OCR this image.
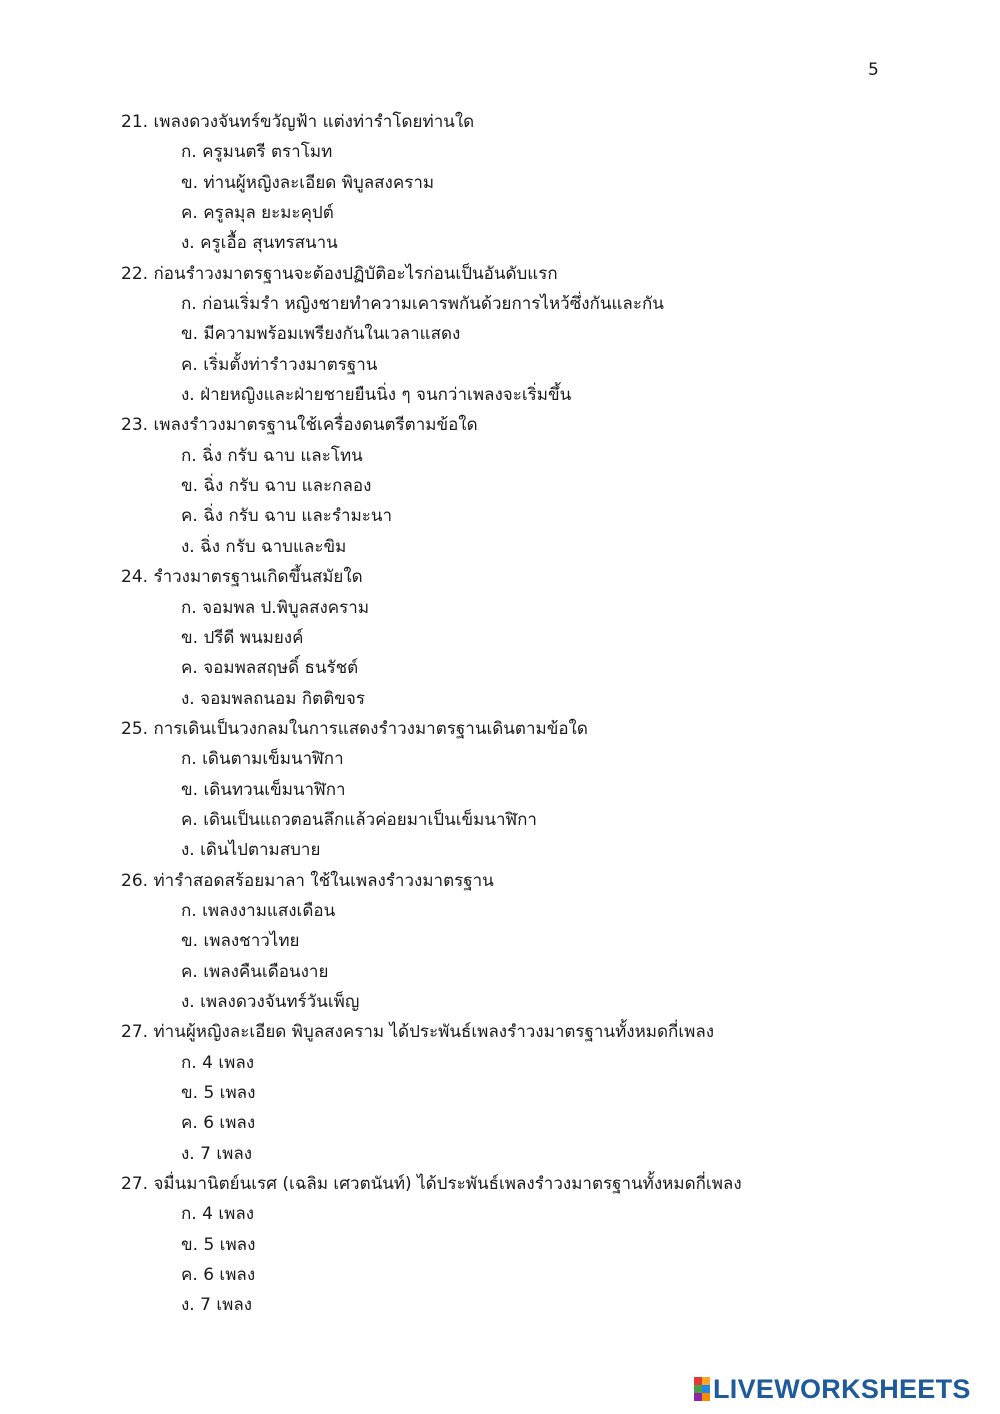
5
21. เพลงดวงจันทร์ขวัญฟ้า แต่งท่ารำโดยท่านใด
ก. ครูมนตรี ตราโมท
ข. ท่านผู้หญิงละเอียด พิบูลสงคราม
ค. ครูลมุล ยะมะคุปต์
ง. ครูเอื้อ สุนทรสนาน
22. ก่อนรำวงมาตรฐานจะต้องปฏิบัติอะไรก่อนเป็นอันดับแรก
ก. ก่อนเริ่มรำ หญิงชายทำความเคารพกันด้วยการไหว้ซึ่งกันและกัน
ข. มีความพร้อมเพรียงกันในเวลาแสดง
ค. เริ่มตั้งท่ารำวงมาตรฐาน
ง. ฝ่ายหญิงและฝ่ายชายยืนนิ่ง ๆ จนกว่าเพลงจะเริ่มขึ้น
23. เพลงรำวงมาตรฐานใช้เครื่องดนตรีตามข้อใด
ก. ฉิ่ง กรับ ฉาบ และโทน
ข. ฉิ่ง กรับ ฉาบ และกลอง
ค. ฉิ่ง กรับ ฉาบ และรำมะนา
ง. ฉิ่ง กรับ ฉาบและขิม
24. รำวงมาตรฐานเกิดขึ้นสมัยใด
ก. จอมพล ป.พิบูลสงคราม
ข. ปรีดี พนมยงค์
ค. จอมพลสฤษดิ์ ธนรัชต์
ง. จอมพลถนอม กิตติขจร
25. การเดินเป็นวงกลมในการแสดงรำวงมาตรฐานเดินตามข้อใด
ก. เดินตามเข็มนาฬิกา
ข. เดินทวนเข็มนาฬิกา
ค. เดินเป็นแถวตอนลึกแล้วค่อยมาเป็นเข็มนาฬิกา
ง. เดินไปตามสบาย
26. ท่ารำสอดสร้อยมาลา ใช้ในเพลงรำวงมาตรฐาน
ก. เพลงงามแสงเดือน
ข. เพลงชาวไทย
ค. เพลงคืนเดือนงาย
ง. เพลงดวงจันทร์วันเพ็ญ
27. ท่านผู้หญิงละเอียด พิบูลสงคราม ได้ประพันธ์เพลงรำวงมาตรฐานทั้งหมดกี่เพลง
ก. 4 เพลง
ข. 5 เพลง
ค. 6 เพลง
ง. 7 เพลง
27. จมื่นมานิตย์นเรศ (เฉลิม เศวตนันท์) ได้ประพันธ์เพลงรำวงมาตรฐานทั้งหมดกี่เพลง
ก. 4 เพลง
ข. 5 เพลง
ค. 6 เพลง
ง. 7 เพลง
LIVEWORKSHEETS
